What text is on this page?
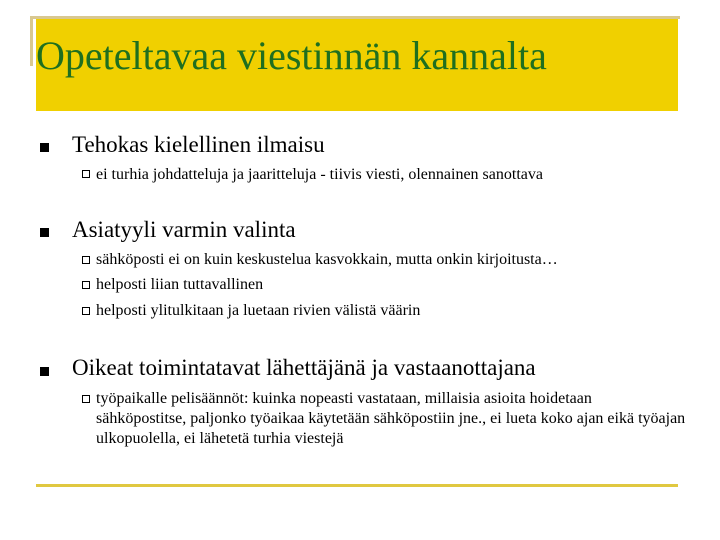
Opeteltavaa viestinnän kannalta
Tehokas kielellinen ilmaisu
ei turhia johdatteluja ja jaaritteluja - tiivis viesti, olennainen sanottava
Asiatyyli varmin valinta
sähköposti ei on kuin keskustelua kasvokkain, mutta onkin kirjoitusta…
helposti liian tuttavallinen
helposti ylitulkitaan ja luetaan rivien välistä väärin
Oikeat toimintatavat lähettäjänä ja vastaanottajana
työpaikalle pelisäännöt: kuinka nopeasti vastataan, millaisia asioita hoidetaan sähköpostitse, paljonko työaikaa käytetään sähköpostiin jne., ei lueta koko ajan eikä työajan ulkopuolella, ei lähetetä turhia viestejä
